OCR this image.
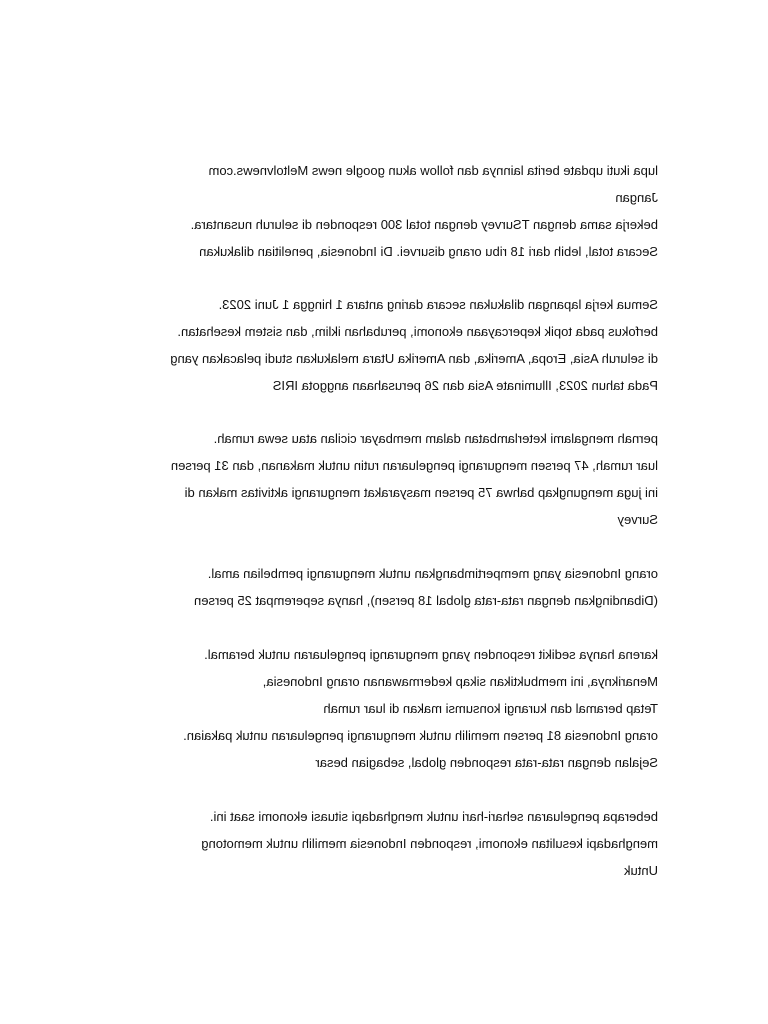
lupa ikuti update berita lainnya dan follow akun google news Meltolvnews.com
Jangan
bekerja sama dengan TSurvey dengan total 300 responden di seluruh nusantara.
Secara total, lebih dari 18 ribu orang disurvei. Di Indonesia, penelitian dilakukan
Semua kerja lapangan dilakukan secara daring antara 1 hingga 1 Juni 2023.
berfokus pada topik kepercayaan ekonomi, perubahan iklim, dan sistem kesehatan.
di seluruh Asia, Eropa, Amerika, dan Amerika Utara melakukan studi pelacakan yang
Pada tahun 2023, Illuminate Asia dan 26 perusahaan anggota IRIS
pernah mengalami keterlambatan dalam membayar cicilan atau sewa rumah.
luar rumah, 47 persen mengurangi pengeluaran rutin untuk makanan, dan 31 persen
ini juga mengungkap bahwa 75 persen masyarakat mengurangi aktivitas makan di
Survey
orang Indonesia yang mempertimbangkan untuk mengurangi pembelian amal.
(Dibandingkan dengan rata-rata global 18 persen), hanya seperempat 25 persen
karena hanya sedikit responden yang mengurangi pengeluaran untuk beramal.
Menariknya, ini membuktikan sikap kedermawanan orang Indonesia,
Tetap beramal dan kurangi konsumsi makan di luar rumah
orang Indonesia 81 persen memilih untuk mengurangi pengeluaran untuk pakaian.
Sejalan dengan rata-rata responden global, sebagian besar
beberapa pengeluaran sehari-hari untuk menghadapi situasi ekonomi saat ini.
menghadapi kesulitan ekonomi, responden Indonesia memilih untuk memotong
Untuk
